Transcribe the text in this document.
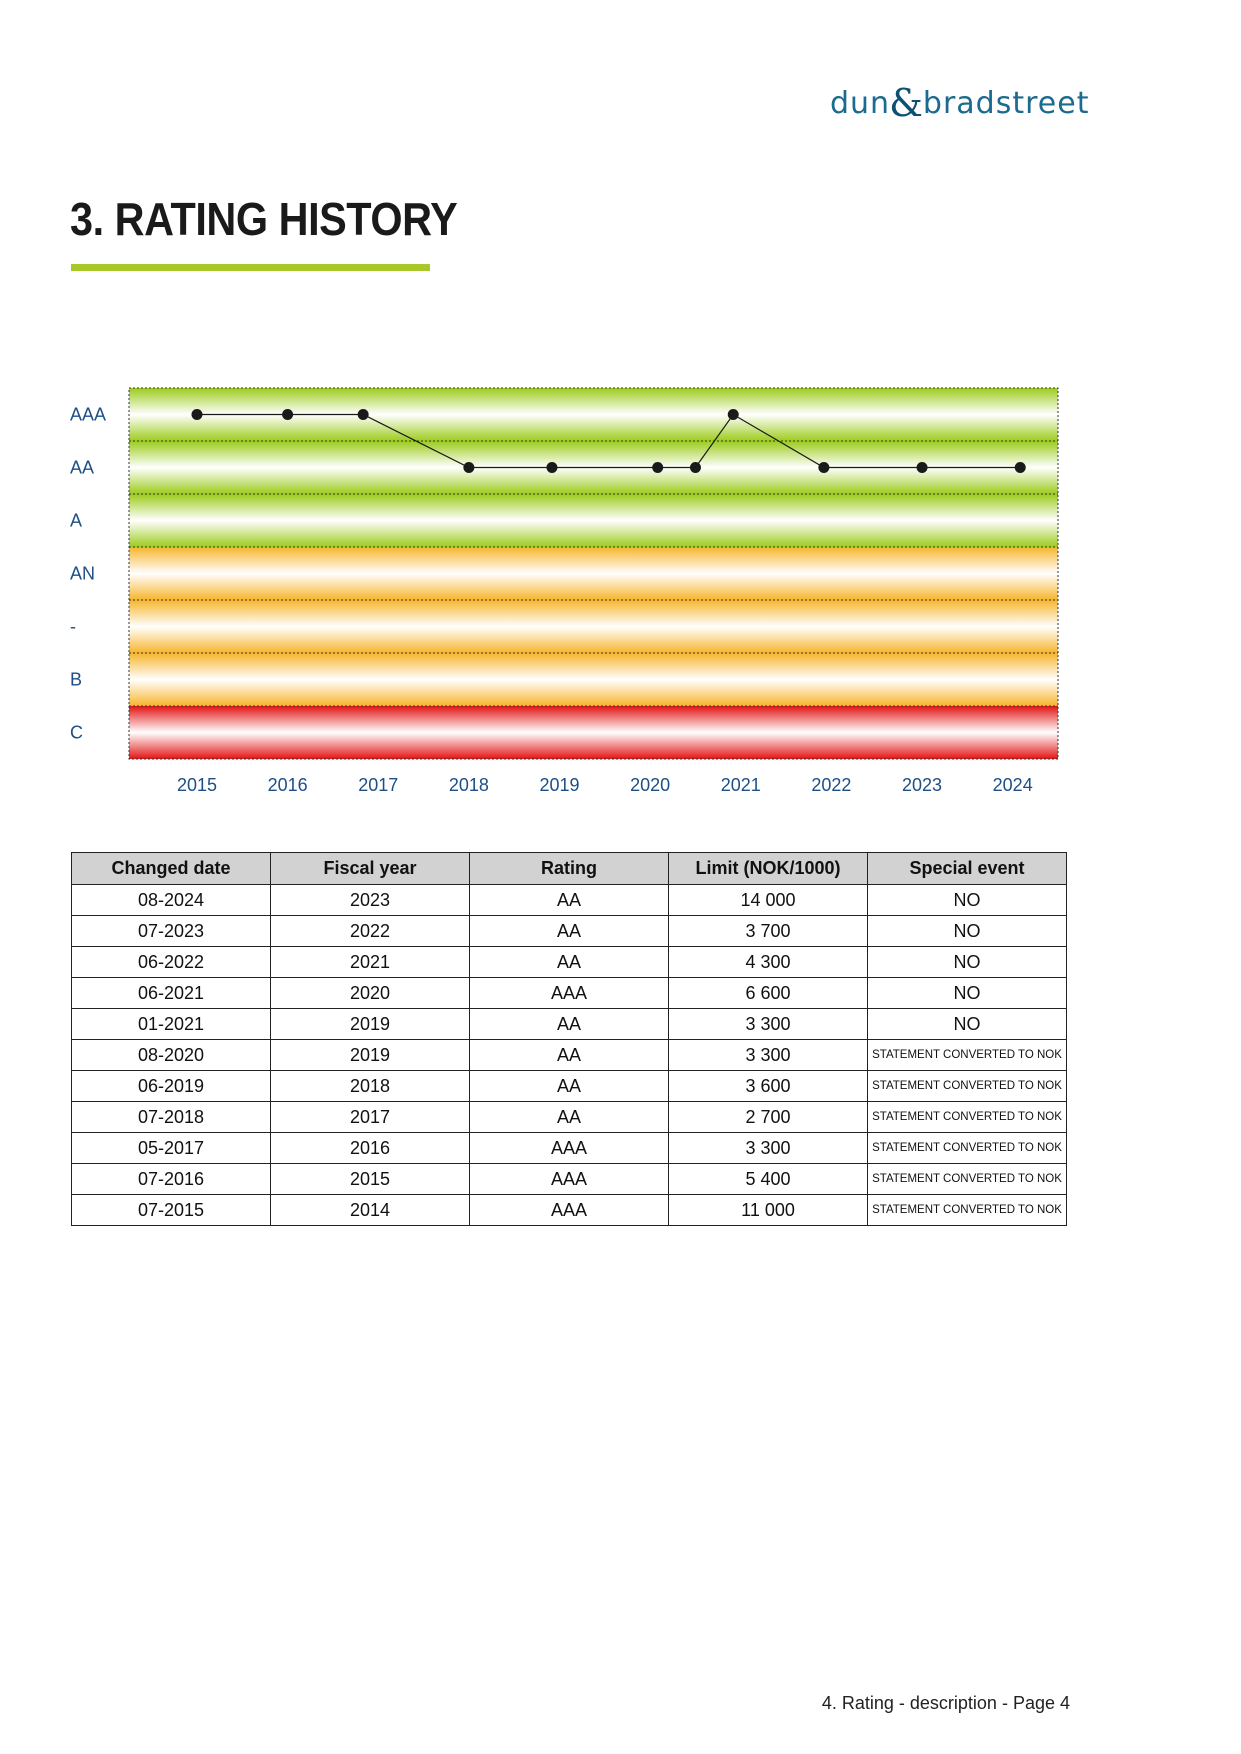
dun&bradstreet
3. RATING HISTORY
AAA
AA
A
AN
-
B
C
2015	2016	2017	2018	2019	2020	2021	2022	2023	2024
Changed date	Fiscal year	Rating	Limit (NOK/1000)	Special event
08-2024	2023	AA	14 000	NO
07-2023	2022	AA	3 700	NO
06-2022	2021	AA	4 300	NO
06-2021	2020	AAA	6 600	NO
01-2021	2019	AA	3 300	NO
08-2020	2019	AA	3 300	STATEMENT CONVERTED TO NOK
06-2019	2018	AA	3 600	STATEMENT CONVERTED TO NOK
07-2018	2017	AA	2 700	STATEMENT CONVERTED TO NOK
05-2017	2016	AAA	3 300	STATEMENT CONVERTED TO NOK
07-2016	2015	AAA	5 400	STATEMENT CONVERTED TO NOK
07-2015	2014	AAA	11 000	STATEMENT CONVERTED TO NOK
4. Rating - description - Page 4
